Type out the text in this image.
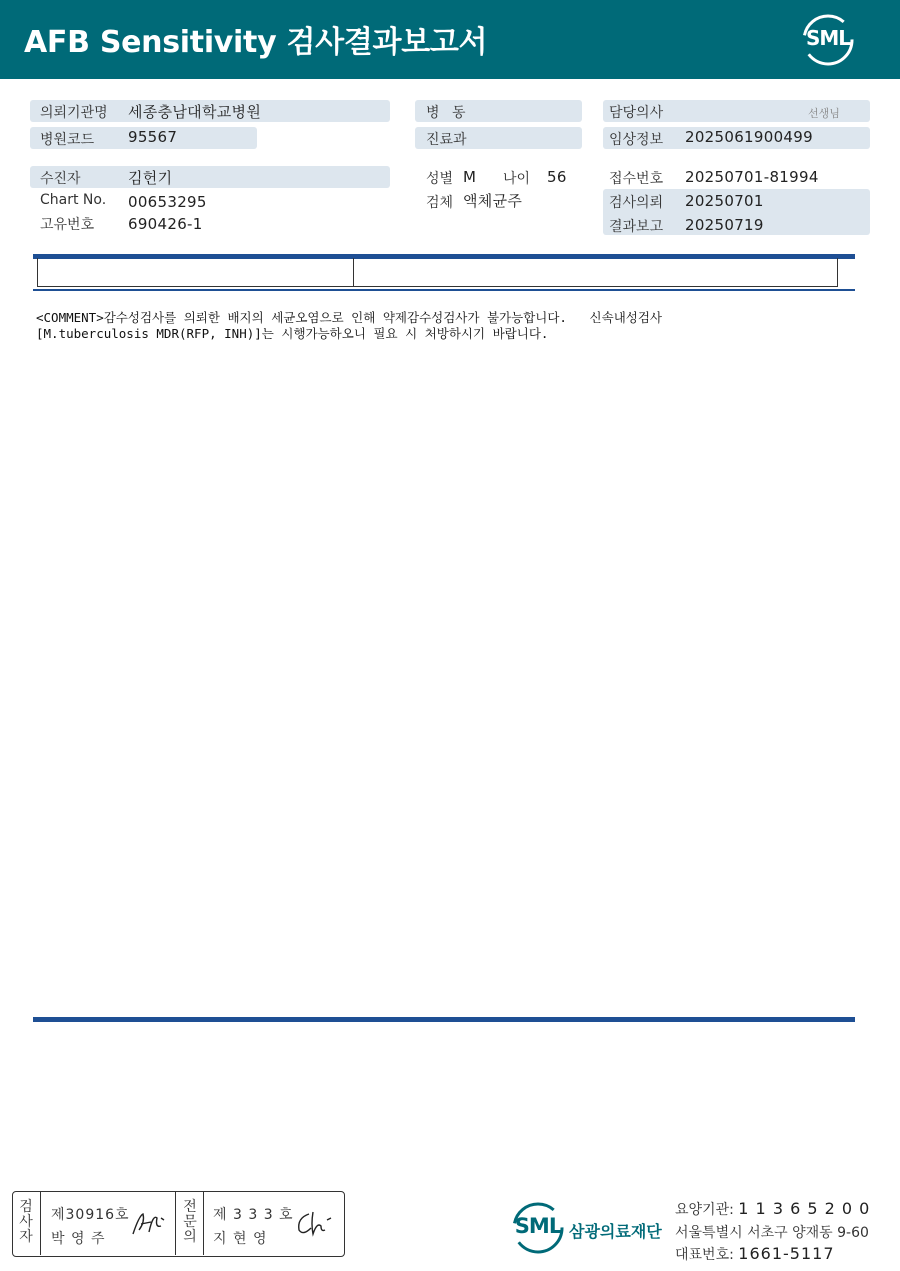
AFB Sensitivity 검사결과보고서	SML
의뢰기관명 세종충남대학교병원	병 동	담당의사	선생님
병원코드 95567	진료과	임상정보 2025061900499
수진자	김헌기	성별 M 나이 56	접수번호 20250701-81994
Chart No. 00653295	검체 액체균주	검사의뢰 20250701
고유번호 690426-1	결과보고 20250719
<COMMENT>감수성검사를 의뢰한 배지의 세균오염으로 인해 약제감수성검사가 불가능합니다.   신속내성검사
[M.tuberculosis MDR(RFP, INH)]는 시행가능하오니 필요 시 처방하시기 바랍니다.
검
사
자
제30916호
박 영 주
전
문
의
제 3 3 3 호
지 현 영
SML 삼광의료재단
요양기관: 1 1 3 6 5 2 0 0
서울특별시 서초구 양재동 9-60
대표번호: 1661-5117
